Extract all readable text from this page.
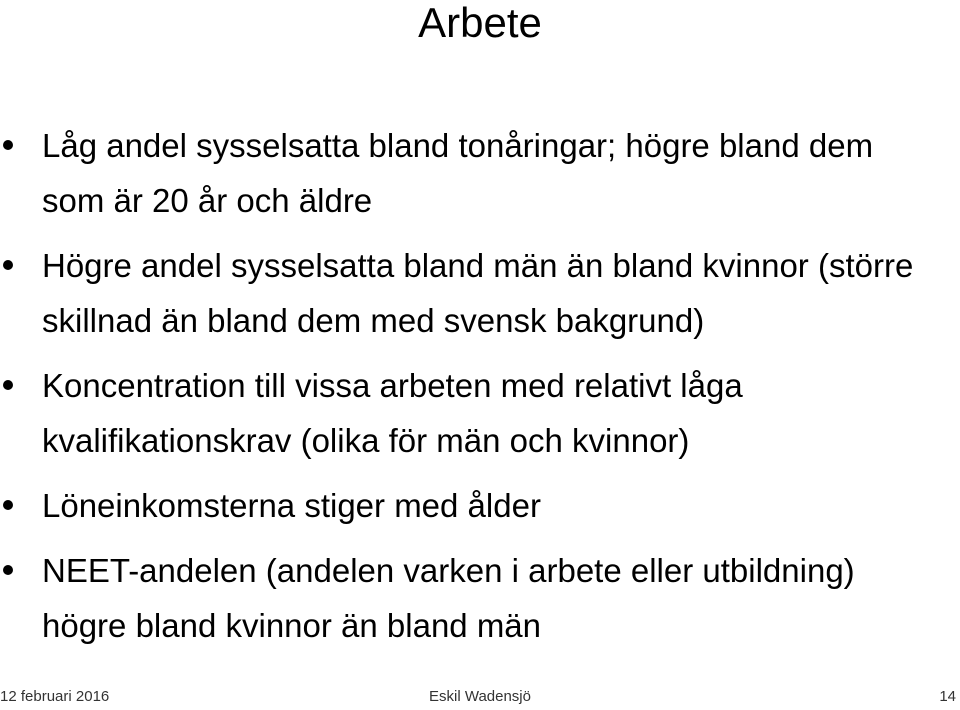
Arbete
Låg andel sysselsatta bland tonåringar; högre bland dem som är 20 år och äldre
Högre andel sysselsatta bland män än bland kvinnor (större skillnad än bland dem med svensk bakgrund)
Koncentration till vissa arbeten med relativt låga kvalifikationskrav (olika för män och kvinnor)
Löneinkomsterna stiger med ålder
NEET-andelen (andelen varken i arbete eller utbildning) högre bland kvinnor än bland män
12 februari 2016	Eskil Wadensjö	14
